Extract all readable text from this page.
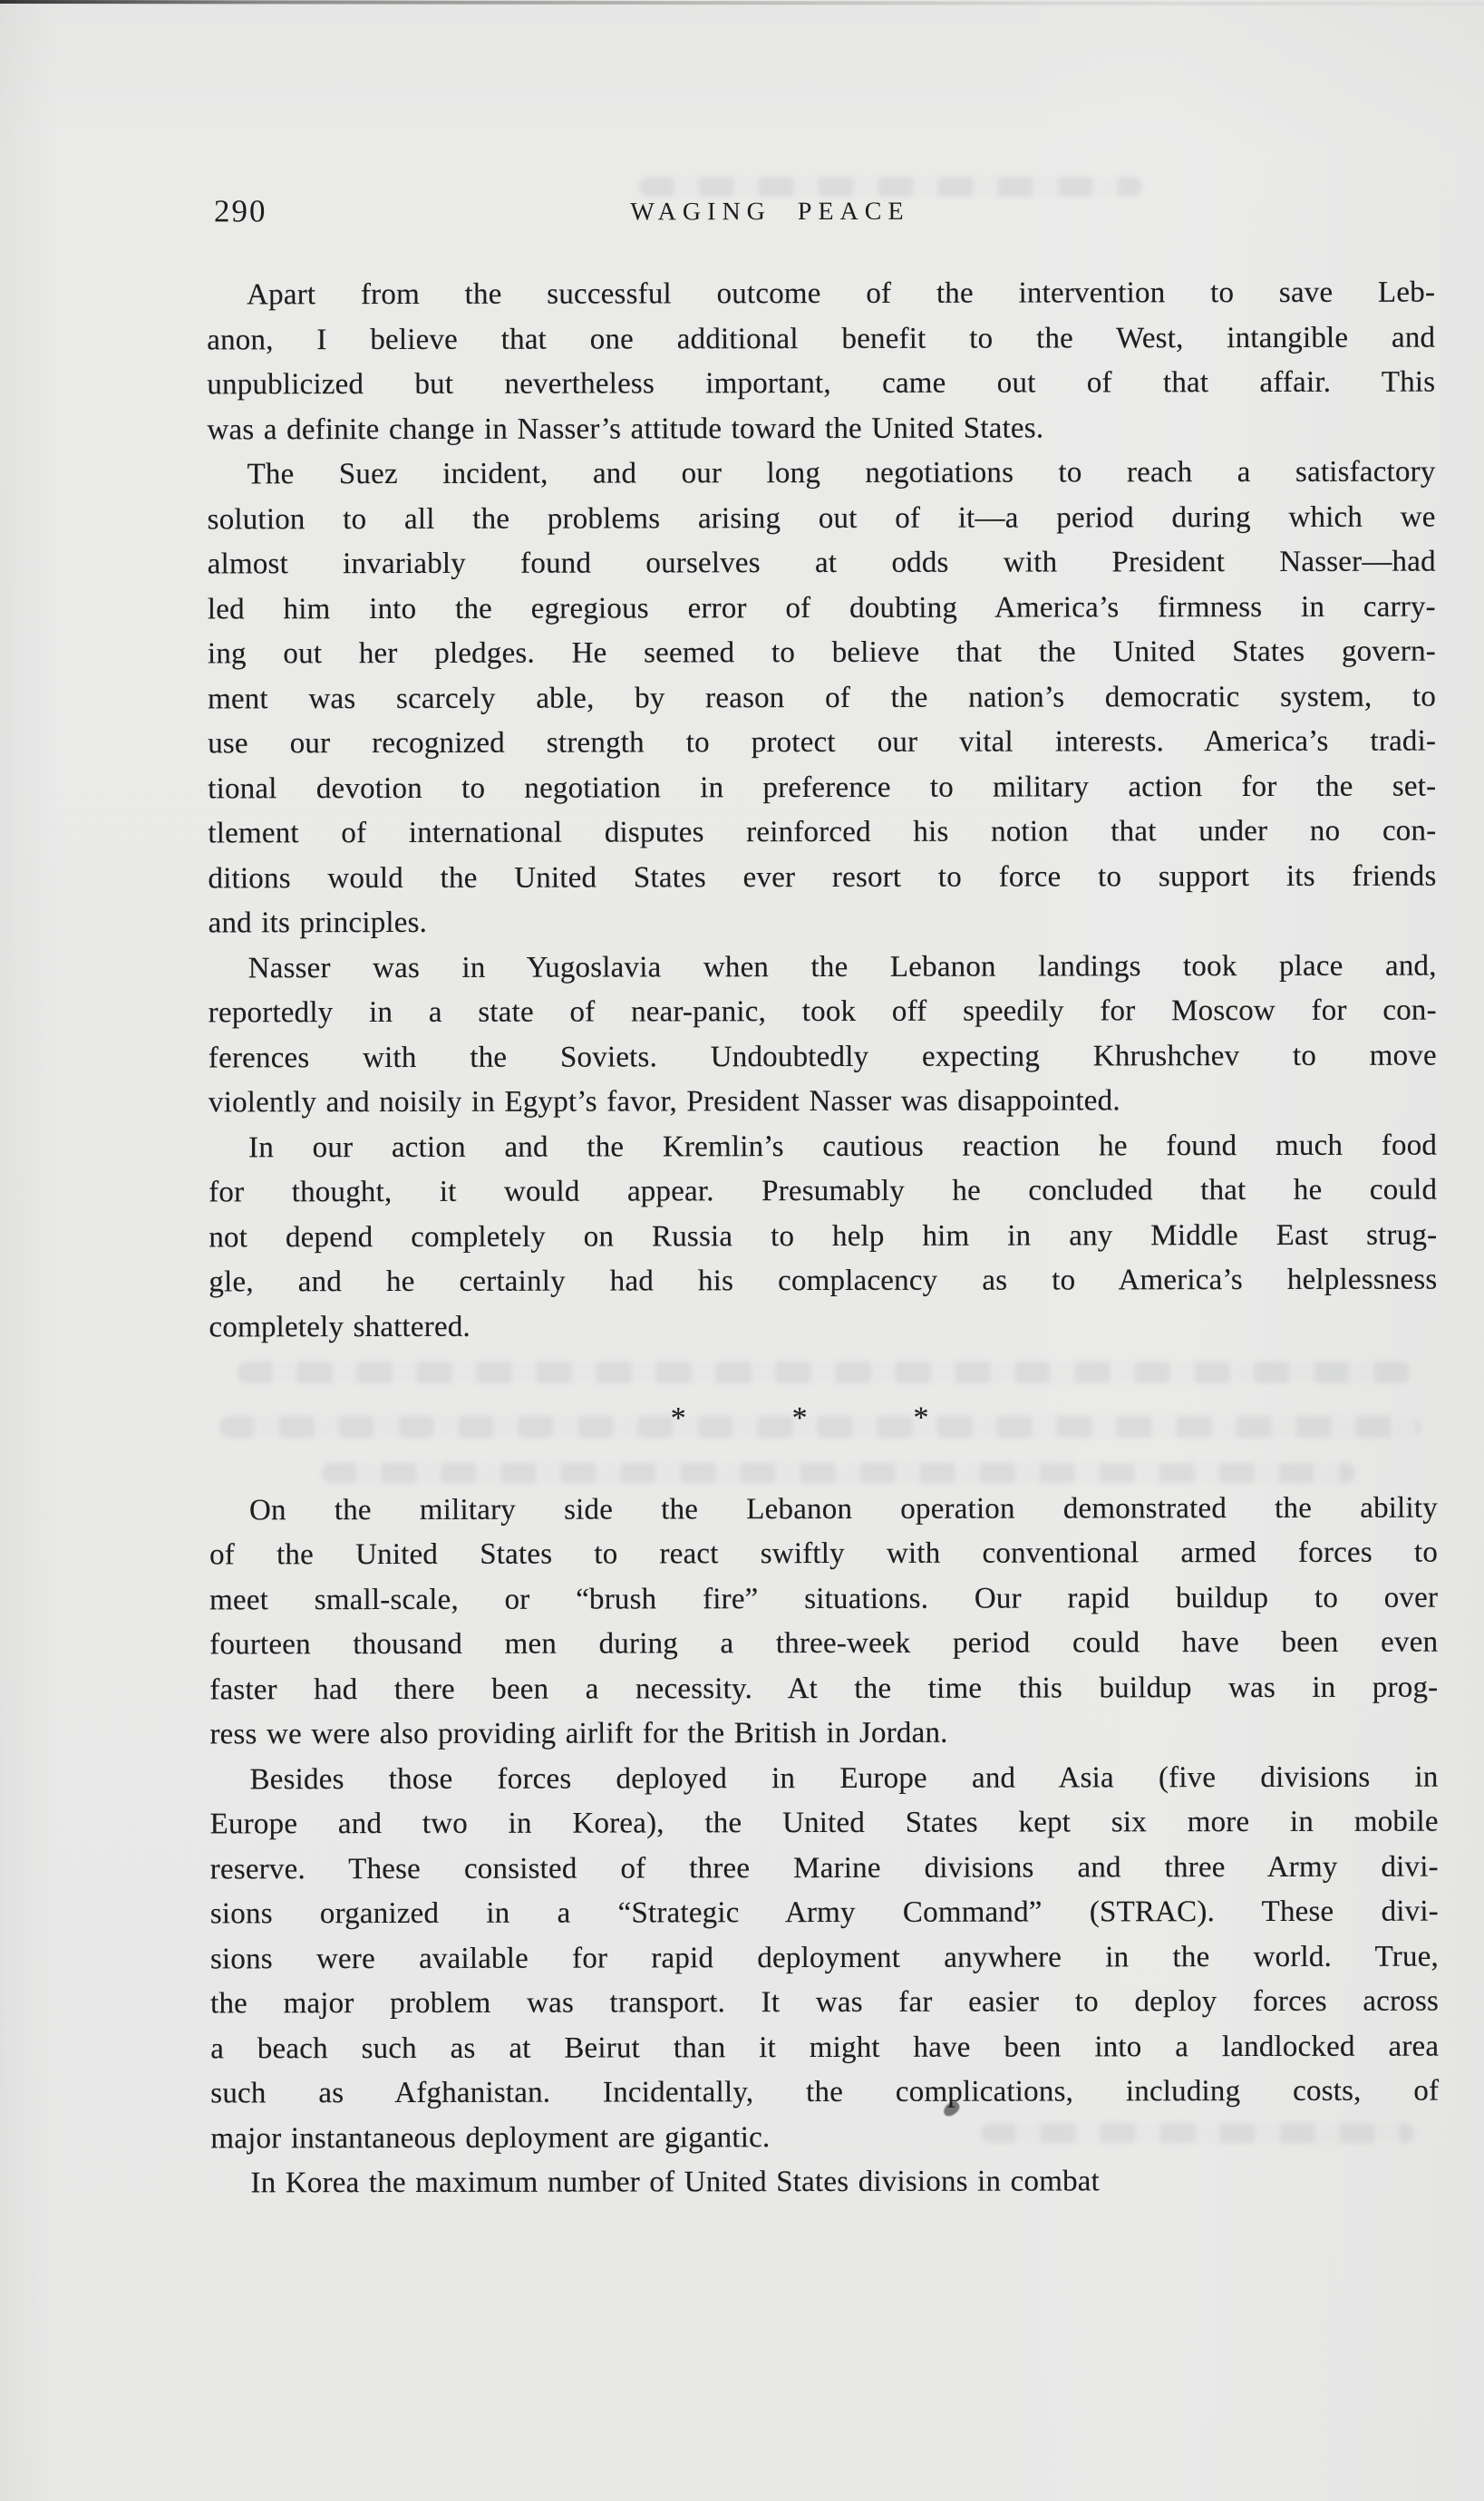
290	WAGING PEACE

Apart from the successful outcome of the intervention to save Leb-
anon, I believe that one additional benefit to the West, intangible and
unpublicized but nevertheless important, came out of that affair. This
was a definite change in Nasser’s attitude toward the United States.

The Suez incident, and our long negotiations to reach a satisfactory
solution to all the problems arising out of it—a period during which we
almost invariably found ourselves at odds with President Nasser—had
led him into the egregious error of doubting America’s firmness in carry-
ing out her pledges. He seemed to believe that the United States govern-
ment was scarcely able, by reason of the nation’s democratic system, to
use our recognized strength to protect our vital interests. America’s tradi-
tional devotion to negotiation in preference to military action for the set-
tlement of international disputes reinforced his notion that under no con-
ditions would the United States ever resort to force to support its friends
and its principles.

Nasser was in Yugoslavia when the Lebanon landings took place and,
reportedly in a state of near-panic, took off speedily for Moscow for con-
ferences with the Soviets. Undoubtedly expecting Khrushchev to move
violently and noisily in Egypt’s favor, President Nasser was disappointed.

In our action and the Kremlin’s cautious reaction he found much food
for thought, it would appear. Presumably he concluded that he could
not depend completely on Russia to help him in any Middle East strug-
gle, and he certainly had his complacency as to America’s helplessness
completely shattered.

* * *

On the military side the Lebanon operation demonstrated the ability
of the United States to react swiftly with conventional armed forces to
meet small-scale, or “brush fire” situations. Our rapid buildup to over
fourteen thousand men during a three-week period could have been even
faster had there been a necessity. At the time this buildup was in prog-
ress we were also providing airlift for the British in Jordan.

Besides those forces deployed in Europe and Asia (five divisions in
Europe and two in Korea), the United States kept six more in mobile
reserve. These consisted of three Marine divisions and three Army divi-
sions organized in a “Strategic Army Command” (STRAC). These divi-
sions were available for rapid deployment anywhere in the world. True,
the major problem was transport. It was far easier to deploy forces across
a beach such as at Beirut than it might have been into a landlocked area
such as Afghanistan. Incidentally, the complications, including costs, of
major instantaneous deployment are gigantic.

In Korea the maximum number of United States divisions in combat
